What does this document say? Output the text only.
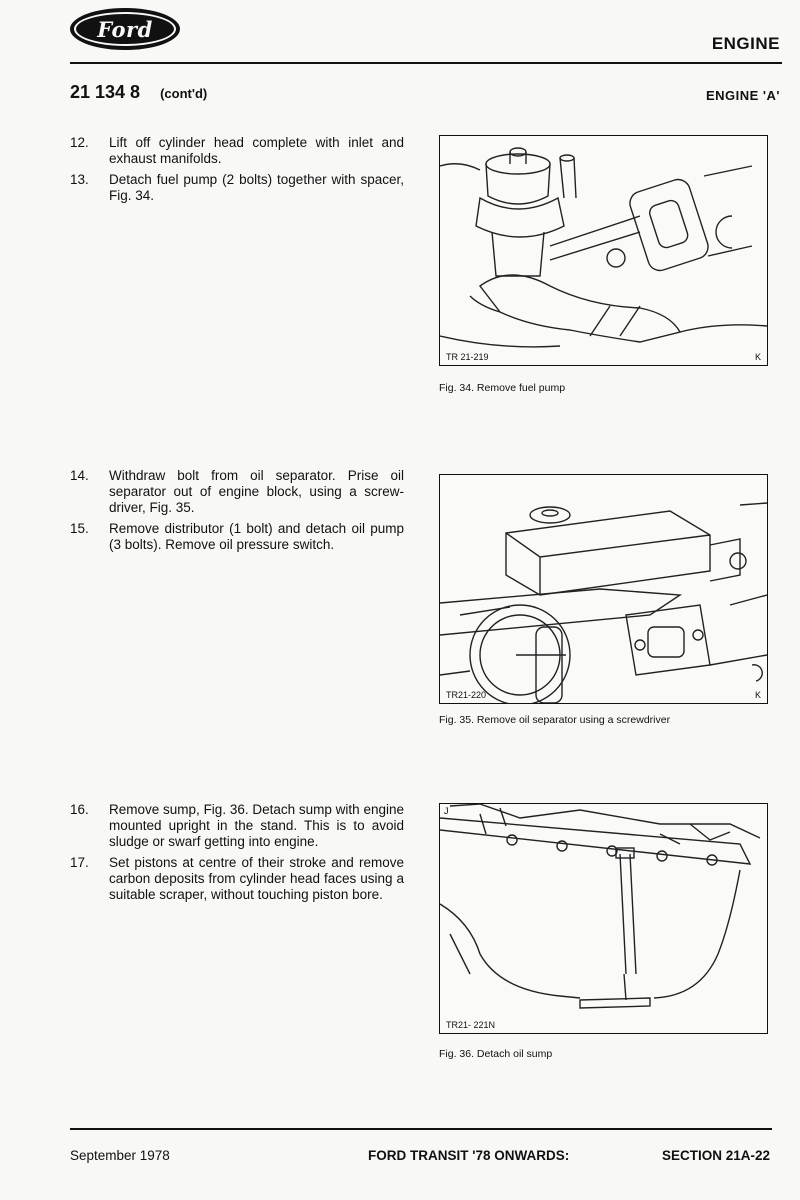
Ford
ENGINE
21 134 8 (cont'd)	ENGINE 'A'
12.	Lift off cylinder head complete with inlet and exhaust manifolds.
13.	Detach fuel pump (2 bolts) together with spacer, Fig. 34.
14.	Withdraw bolt from oil separator. Prise oil separator out of engine block, using a screw-driver, Fig. 35.
15.	Remove distributor (1 bolt) and detach oil pump (3 bolts). Remove oil pressure switch.
16.	Remove sump, Fig. 36. Detach sump with engine mounted upright in the stand. This is to avoid sludge or swarf getting into engine.
17.	Set pistons at centre of their stroke and remove carbon deposits from cylinder head faces using a suitable scraper, without touching piston bore.
TR 21-219	K
Fig. 34. Remove fuel pump
TR21-220	K
Fig. 35. Remove oil separator using a screwdriver
J
TR21- 221N
Fig. 36. Detach oil sump
September 1978	FORD TRANSIT '78 ONWARDS:	SECTION 21A-22
